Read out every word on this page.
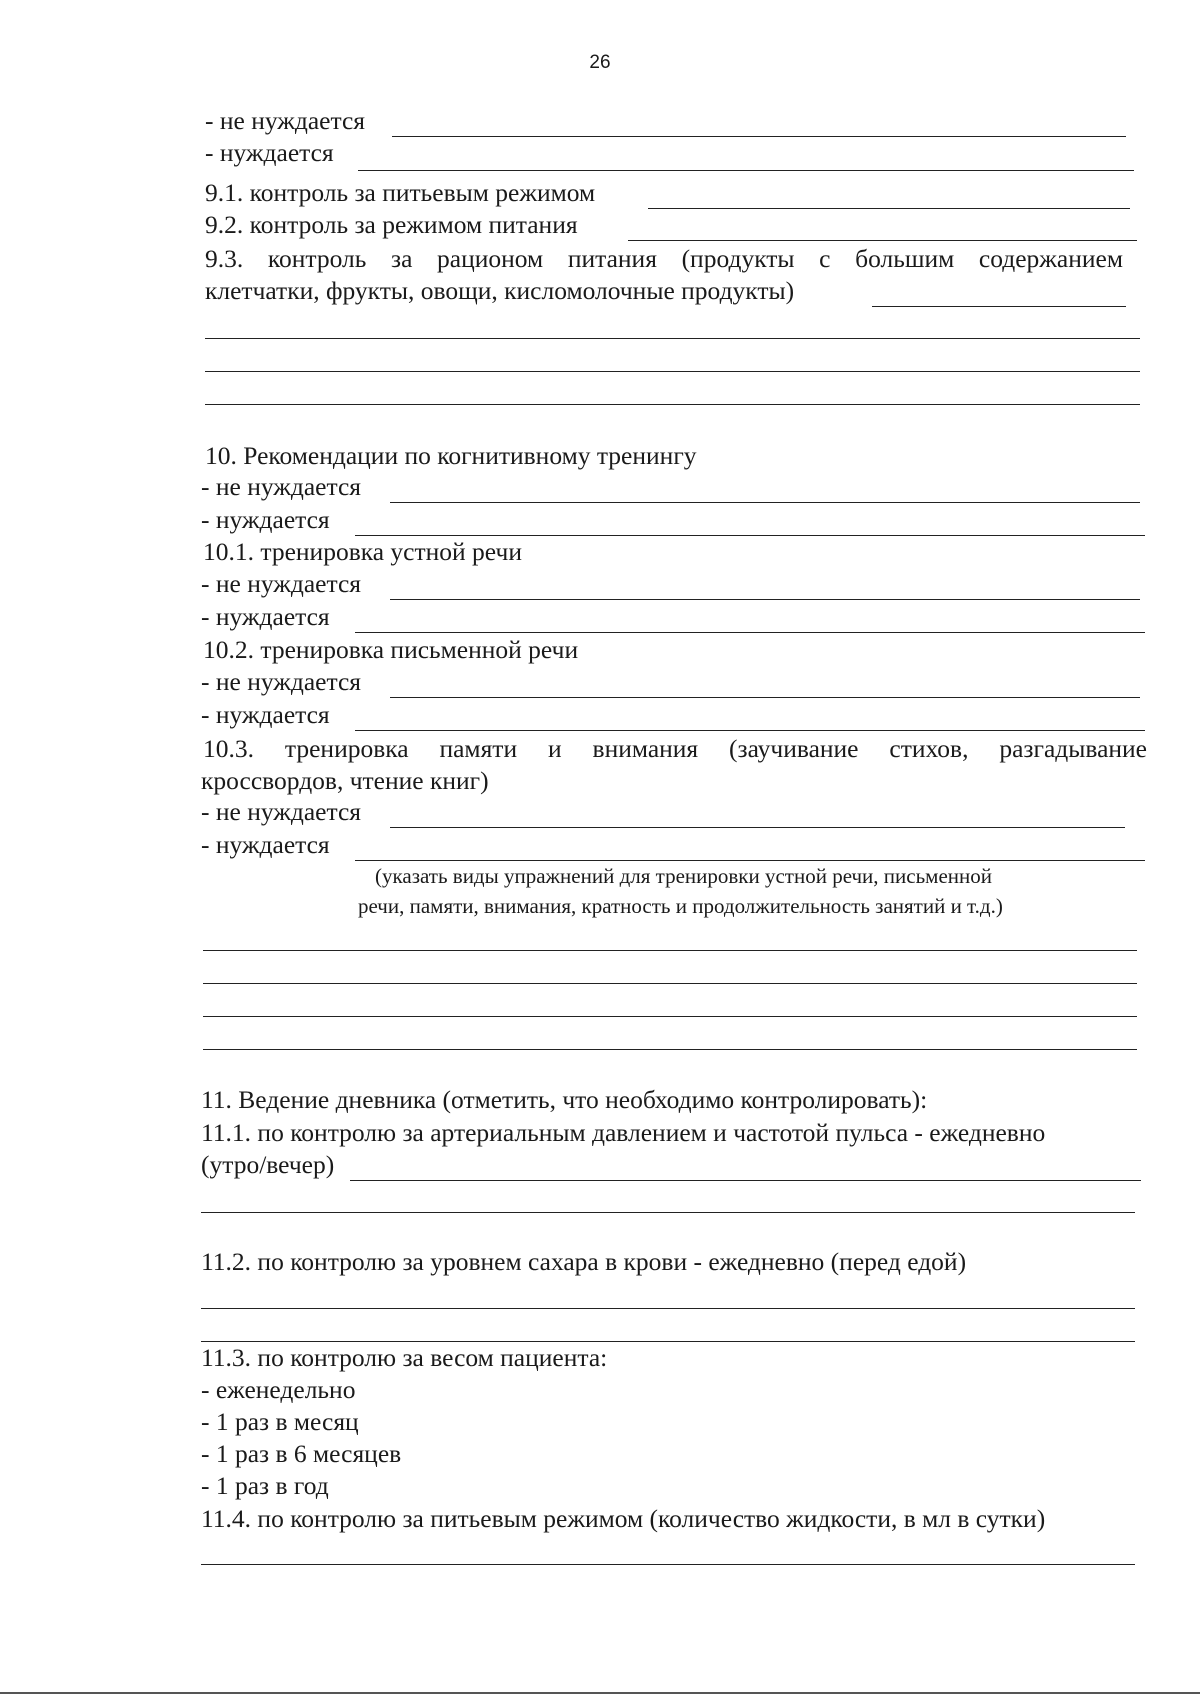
26
- не нуждается
- нуждается
9.1. контроль за питьевым режимом
9.2. контроль за режимом питания
9.3. контроль за рационом питания (продукты с большим содержанием
клетчатки, фрукты, овощи, кисломолочные продукты)
10. Рекомендации по когнитивному тренингу
- не нуждается
- нуждается
10.1. тренировка устной речи
- не нуждается
- нуждается
10.2. тренировка письменной речи
- не нуждается
- нуждается
10.3. тренировка памяти и внимания (заучивание стихов, разгадывание
кроссвордов, чтение книг)
- не нуждается
- нуждается
(указать виды упражнений для тренировки устной речи, письменной
речи, памяти, внимания, кратность и продолжительность занятий и т.д.)
11. Ведение дневника (отметить, что необходимо контролировать):
11.1. по контролю за артериальным давлением и частотой пульса - ежедневно
(утро/вечер)
11.2. по контролю за уровнем сахара в крови - ежедневно (перед едой)
11.3. по контролю за весом пациента:
- еженедельно
- 1 раз в месяц
- 1 раз в 6 месяцев
- 1 раз в год
11.4. по контролю за питьевым режимом (количество жидкости, в мл в сутки)
